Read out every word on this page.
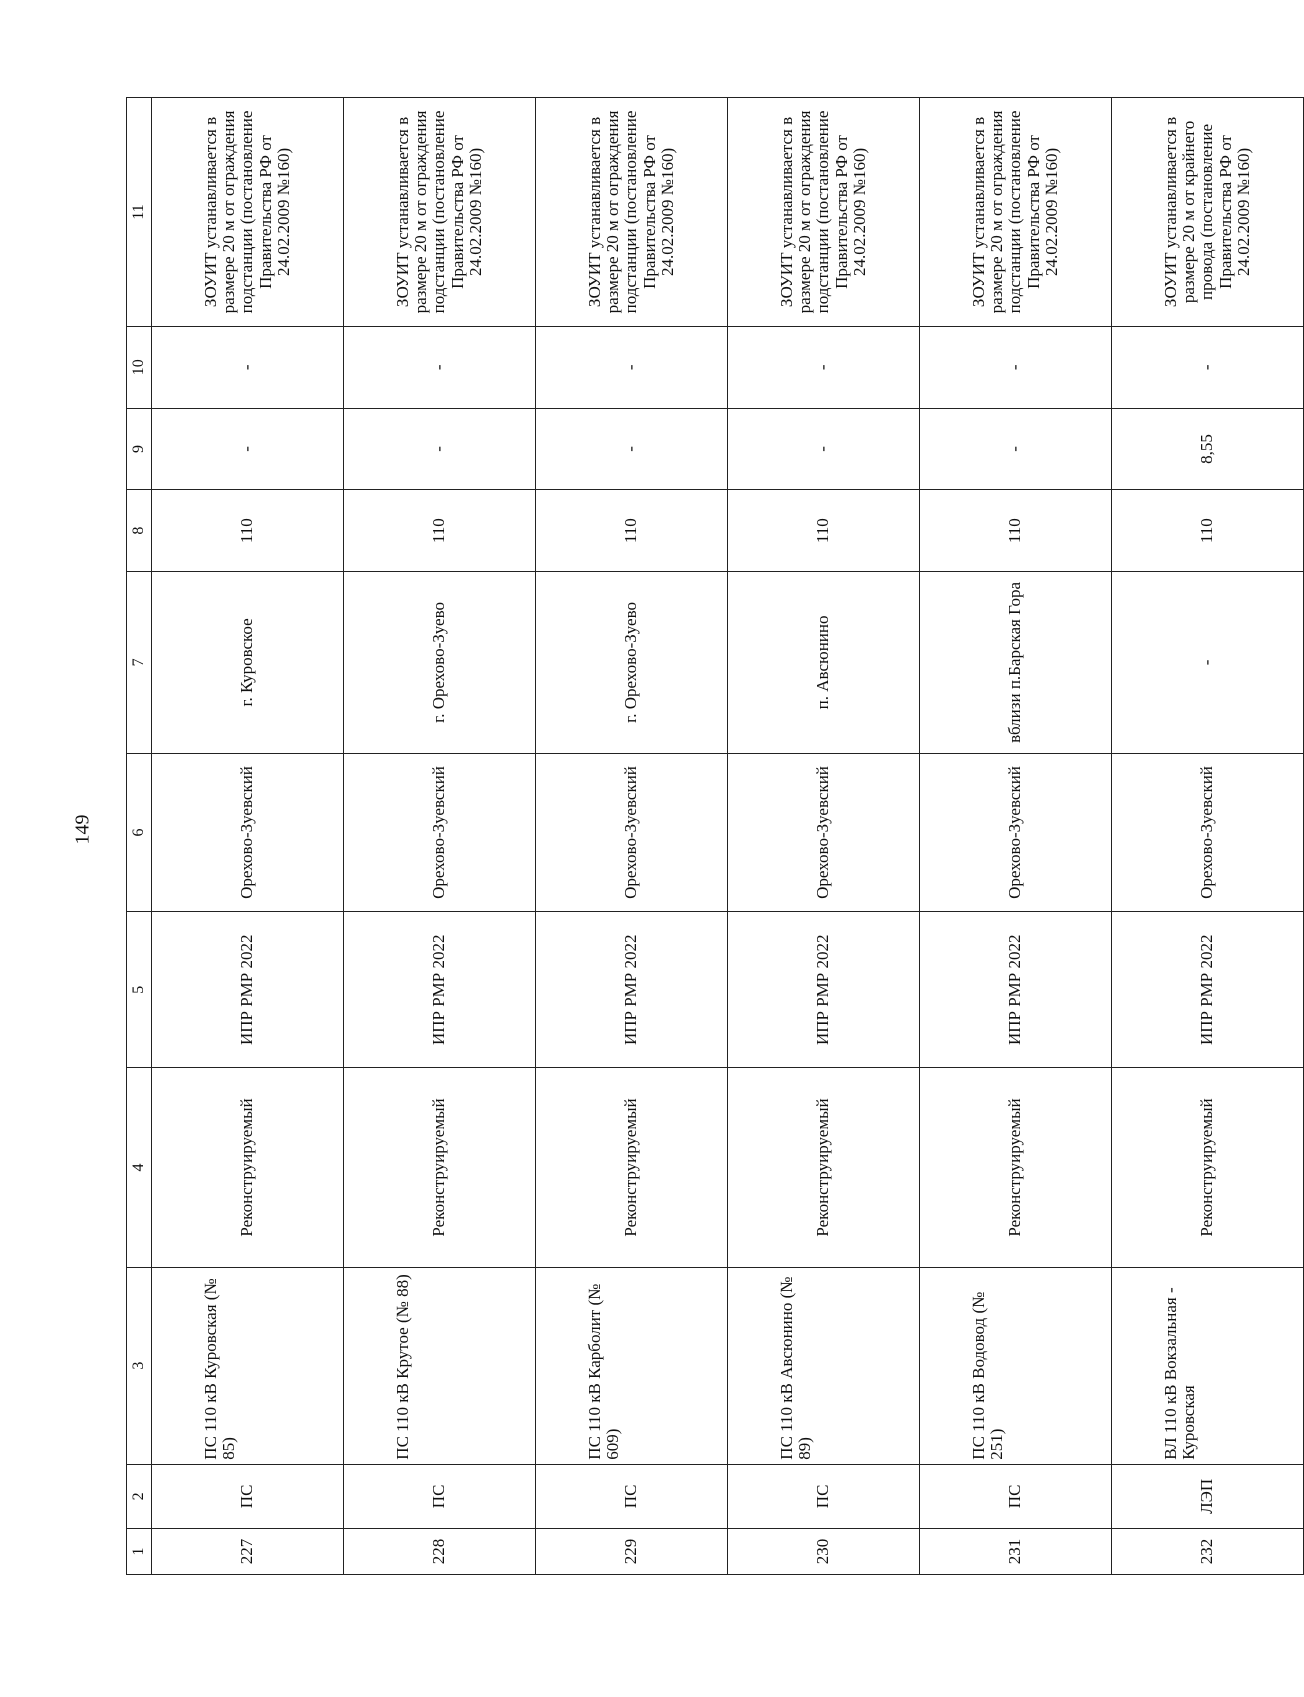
149
1	2	3	4	5	6	7	8	9	10	11
227	ПС	ПС 110 кВ Куровская (№ 85)	Реконструируемый	ИПР РМР 2022	Орехово-Зуевский	г. Куровское	110	-	-	ЗОУИТ устанавливается в размере 20 м от ограждения подстанции (постановление Правительства РФ от 24.02.2009 №160)
228	ПС	ПС 110 кВ Крутое (№ 88)	Реконструируемый	ИПР РМР 2022	Орехово-Зуевский	г. Орехово-Зуево	110	-	-	ЗОУИТ устанавливается в размере 20 м от ограждения подстанции (постановление Правительства РФ от 24.02.2009 №160)
229	ПС	ПС 110 кВ Карболит (№ 609)	Реконструируемый	ИПР РМР 2022	Орехово-Зуевский	г. Орехово-Зуево	110	-	-	ЗОУИТ устанавливается в размере 20 м от ограждения подстанции (постановление Правительства РФ от 24.02.2009 №160)
230	ПС	ПС 110 кВ Авсюнино (№ 89)	Реконструируемый	ИПР РМР 2022	Орехово-Зуевский	п. Авсюнино	110	-	-	ЗОУИТ устанавливается в размере 20 м от ограждения подстанции (постановление Правительства РФ от 24.02.2009 №160)
231	ПС	ПС 110 кВ Водовод (№ 251)	Реконструируемый	ИПР РМР 2022	Орехово-Зуевский	вблизи п.Барская Гора	110	-	-	ЗОУИТ устанавливается в размере 20 м от ограждения подстанции (постановление Правительства РФ от 24.02.2009 №160)
232	ЛЭП	ВЛ 110 кВ Вокзальная - Куровская	Реконструируемый	ИПР РМР 2022	Орехово-Зуевский	-	110	8,55	-	ЗОУИТ устанавливается в размере 20 м от крайнего провода (постановление Правительства РФ от 24.02.2009 №160)
